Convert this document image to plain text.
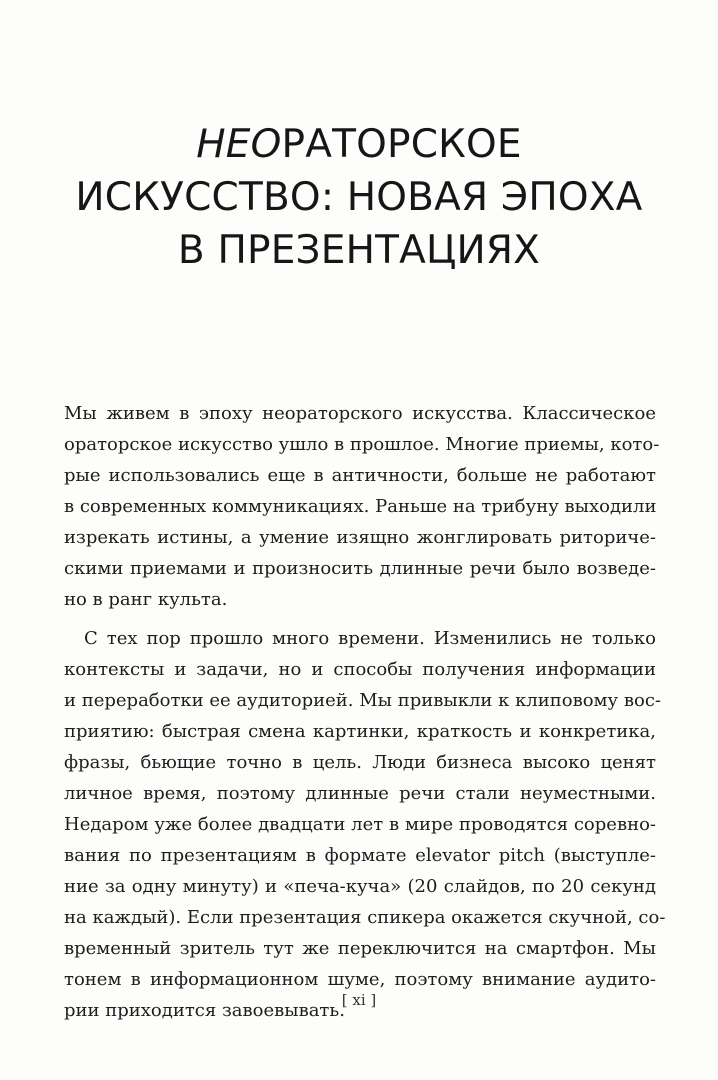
НЕОРАТОРСКОЕ
ИСКУССТВО: НОВАЯ ЭПОХА
В ПРЕЗЕНТАЦИЯХ
Мы живем в эпоху неораторского искусства. Классическое
ораторское искусство ушло в прошлое. Многие приемы, кото-
рые использовались еще в античности, больше не работают
в современных коммуникациях. Раньше на трибуну выходили
изрекать истины, а умение изящно жонглировать риториче-
скими приемами и произносить длинные речи было возведе-
но в ранг культа.
С тех пор прошло много времени. Изменились не только
контексты и задачи, но и способы получения информации
и переработки ее аудиторией. Мы привыкли к клиповому вос-
приятию: быстрая смена картинки, краткость и конкретика,
фразы, бьющие точно в цель. Люди бизнеса высоко ценят
личное время, поэтому длинные речи стали неуместными.
Недаром уже более двадцати лет в мире проводятся соревно-
вания по презентациям в формате elevator pitch (выступле-
ние за одну минуту) и «печа-куча» (20 слайдов, по 20 секунд
на каждый). Если презентация спикера окажется скучной, со-
временный зритель тут же переключится на смартфон. Мы
тонем в информационном шуме, поэтому внимание аудито-
рии приходится завоевывать.
[ xi ]
